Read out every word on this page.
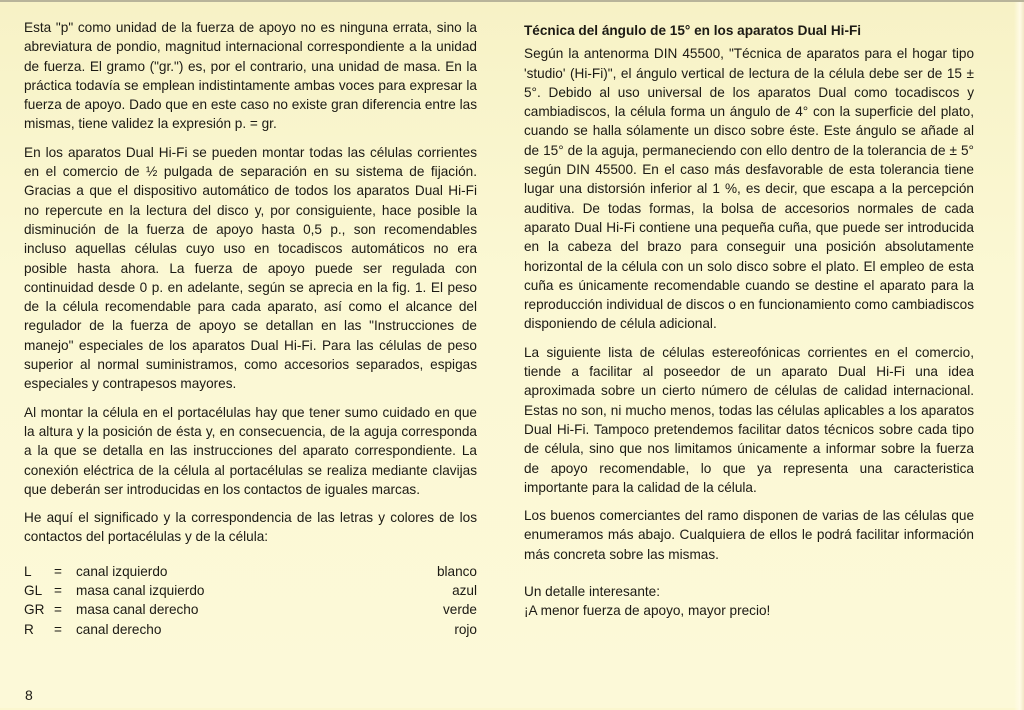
Esta "p" como unidad de la fuerza de apoyo no es ninguna errata, sino la abreviatura de pondio, magnitud internacional correspondiente a la unidad de fuerza. El gramo ("gr.") es, por el contrario, una unidad de masa. En la práctica todavía se emplean indistintamente ambas voces para expresar la fuerza de apoyo. Dado que en este caso no existe gran diferencia entre las mismas, tiene validez la expresión p. = gr.

En los aparatos Dual Hi-Fi se pueden montar todas las células corrientes en el comercio de ½ pulgada de separación en su sistema de fijación. Gracias a que el dispositivo automático de todos los aparatos Dual Hi-Fi no repercute en la lectura del disco y, por consiguiente, hace posible la disminución de la fuerza de apoyo hasta 0,5 p., son recomendables incluso aquellas células cuyo uso en tocadiscos automáticos no era posible hasta ahora. La fuerza de apoyo puede ser regulada con continuidad desde 0 p. en adelante, según se aprecia en la fig. 1. El peso de la célula recomendable para cada aparato, así como el alcance del regulador de la fuerza de apoyo se detallan en las "Instrucciones de manejo" especiales de los aparatos Dual Hi-Fi. Para las células de peso superior al normal suministramos, como accesorios separados, espigas especiales y contrapesos mayores.

Al montar la célula en el portacélulas hay que tener sumo cuidado en que la altura y la posición de ésta y, en consecuencia, de la aguja corresponda a la que se detalla en las instrucciones del aparato correspondiente. La conexión eléctrica de la célula al portacélulas se realiza mediante clavijas que deberán ser introducidas en los contactos de iguales marcas.

He aquí el significado y la correspondencia de las letras y colores de los contactos del portacélulas y de la célula:

L	=	canal izquierdo	blanco
GL =	masa canal izquierdo	azul
GR =	masa canal derecho	verde
R	=	canal derecho	rojo
Técnica del ángulo de 15° en los aparatos Dual Hi-Fi

Según la antenorma DIN 45500, "Técnica de aparatos para el hogar tipo 'studio' (Hi-Fi)", el ángulo vertical de lectura de la célula debe ser de 15 ± 5°. Debido al uso universal de los aparatos Dual como tocadiscos y cambiadiscos, la célula forma un ángulo de 4° con la superficie del plato, cuando se halla sólamente un disco sobre éste. Este ángulo se añade al de 15° de la aguja, permaneciendo con ello dentro de la tolerancia de ± 5° según DIN 45500. En el caso más desfavorable de esta tolerancia tiene lugar una distorsión inferior al 1 %, es decir, que escapa a la percepción auditiva. De todas formas, la bolsa de accesorios normales de cada aparato Dual Hi-Fi contiene una pequeña cuña, que puede ser introducida en la cabeza del brazo para conseguir una posición absolutamente horizontal de la célula con un solo disco sobre el plato. El empleo de esta cuña es únicamente recomendable cuando se destine el aparato para la reproducción individual de discos o en funcionamiento como cambiadiscos disponiendo de célula adicional.

La siguiente lista de células estereofónicas corrientes en el comercio, tiende a facilitar al poseedor de un aparato Dual Hi-Fi una idea aproximada sobre un cierto número de células de calidad internacional. Estas no son, ni mucho menos, todas las células aplicables a los aparatos Dual Hi-Fi. Tampoco pretendemos facilitar datos técnicos sobre cada tipo de célula, sino que nos limitamos únicamente a informar sobre la fuerza de apoyo recomendable, lo que ya representa una caracteristica importante para la calidad de la célula.

Los buenos comerciantes del ramo disponen de varias de las células que enumeramos más abajo. Cualquiera de ellos le podrá facilitar información más concreta sobre las mismas.

Un detalle interesante:
¡A menor fuerza de apoyo, mayor precio!
8
